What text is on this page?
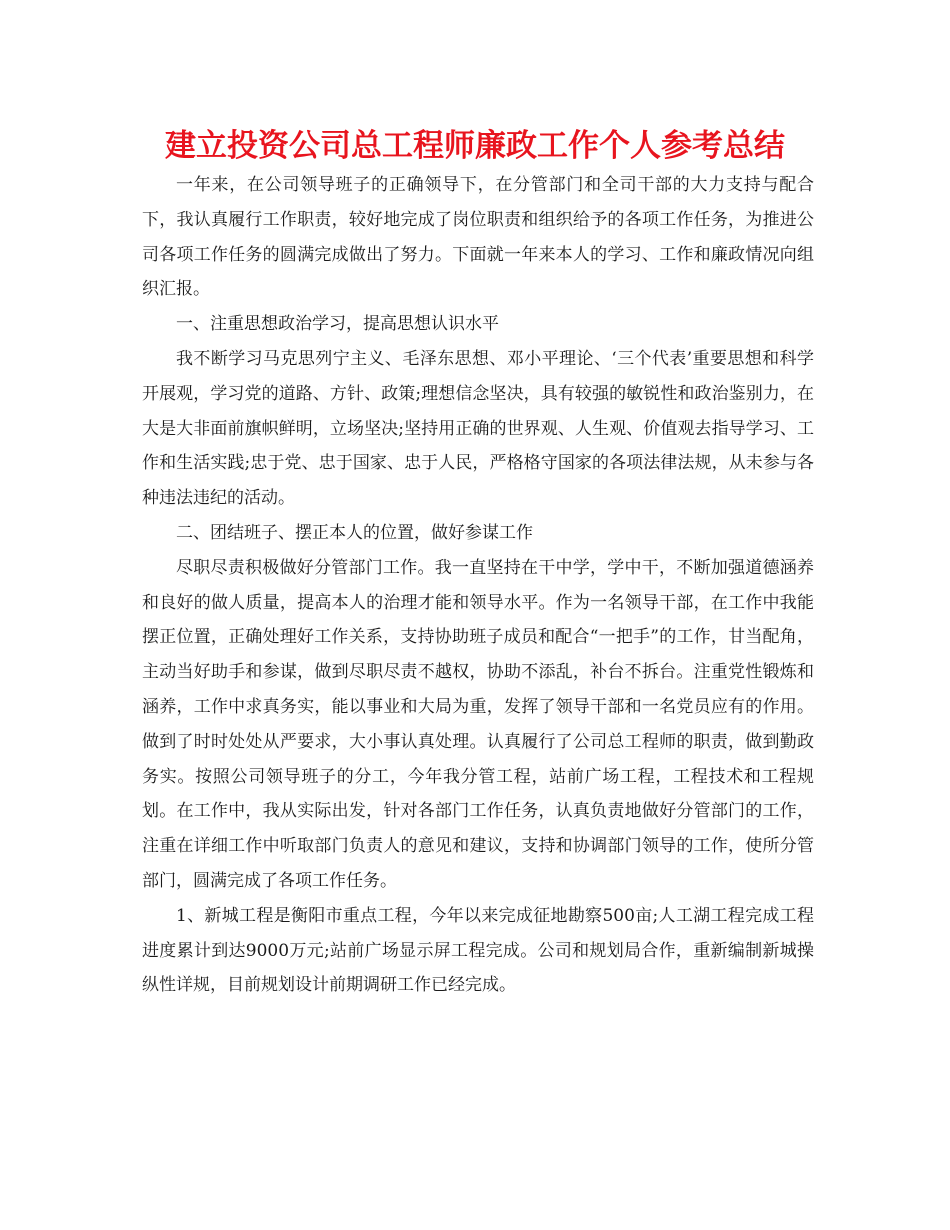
建立投资公司总工程师廉政工作个人参考总结

一年来，在公司领导班子的正确领导下，在分管部门和全司干部的大力支持与配合下，我认真履行工作职责，较好地完成了岗位职责和组织给予的各项工作任务，为推进公司各项工作任务的圆满完成做出了努力。下面就一年来本人的学习、工作和廉政情况向组织汇报。

一、注重思想政治学习，提高思想认识水平

我不断学习马克思列宁主义、毛泽东思想、邓小平理论、‘三个代表’重要思想和科学开展观，学习党的道路、方针、政策;理想信念坚决，具有较强的敏锐性和政治鉴别力，在大是大非面前旗帜鲜明，立场坚决;坚持用正确的世界观、人生观、价值观去指导学习、工作和生活实践;忠于党、忠于国家、忠于人民，严格格守国家的各项法律法规，从未参与各种违法违纪的活动。

二、团结班子、摆正本人的位置，做好参谋工作

尽职尽责积极做好分管部门工作。我一直坚持在干中学，学中干，不断加强道德涵养和良好的做人质量，提高本人的治理才能和领导水平。作为一名领导干部，在工作中我能摆正位置，正确处理好工作关系，支持协助班子成员和配合“一把手”的工作，甘当配角，主动当好助手和参谋，做到尽职尽责不越权，协助不添乱，补台不拆台。注重党性锻炼和涵养，工作中求真务实，能以事业和大局为重，发挥了领导干部和一名党员应有的作用。做到了时时处处从严要求，大小事认真处理。认真履行了公司总工程师的职责，做到勤政务实。按照公司领导班子的分工，今年我分管工程，站前广场工程，工程技术和工程规划。在工作中，我从实际出发，针对各部门工作任务，认真负责地做好分管部门的工作，注重在详细工作中听取部门负责人的意见和建议，支持和协调部门领导的工作，使所分管部门，圆满完成了各项工作任务。

1、新城工程是衡阳市重点工程，今年以来完成征地勘察500亩;人工湖工程完成工程进度累计到达9000万元;站前广场显示屏工程完成。公司和规划局合作，重新编制新城操纵性详规，目前规划设计前期调研工作已经完成。
